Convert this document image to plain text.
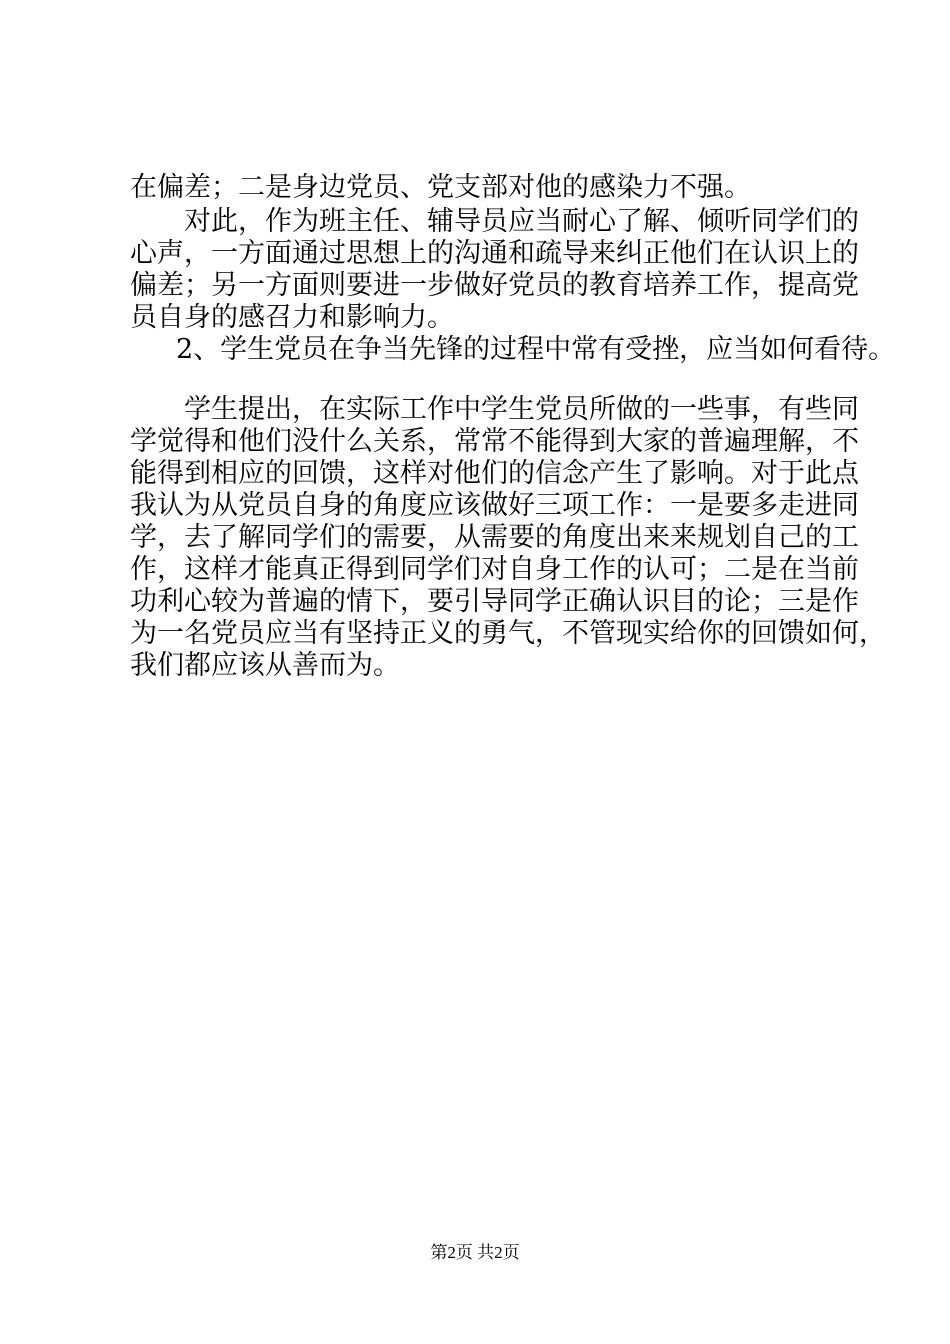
在偏差；二是身边党员、党支部对他的感染力不强。
对此，作为班主任、辅导员应当耐心了解、倾听同学们的
心声，一方面通过思想上的沟通和疏导来纠正他们在认识上的
偏差；另一方面则要进一步做好党员的教育培养工作，提高党
员自身的感召力和影响力。
2、学生党员在争当先锋的过程中常有受挫，应当如何看待。
学生提出，在实际工作中学生党员所做的一些事，有些同
学觉得和他们没什么关系，常常不能得到大家的普遍理解，不
能得到相应的回馈，这样对他们的信念产生了影响。对于此点
我认为从党员自身的角度应该做好三项工作：一是要多走进同
学，去了解同学们的需要，从需要的角度出来来规划自己的工
作，这样才能真正得到同学们对自身工作的认可；二是在当前
功利心较为普遍的情下，要引导同学正确认识目的论；三是作
为一名党员应当有坚持正义的勇气，不管现实给你的回馈如何，
我们都应该从善而为。
第2页 共2页
